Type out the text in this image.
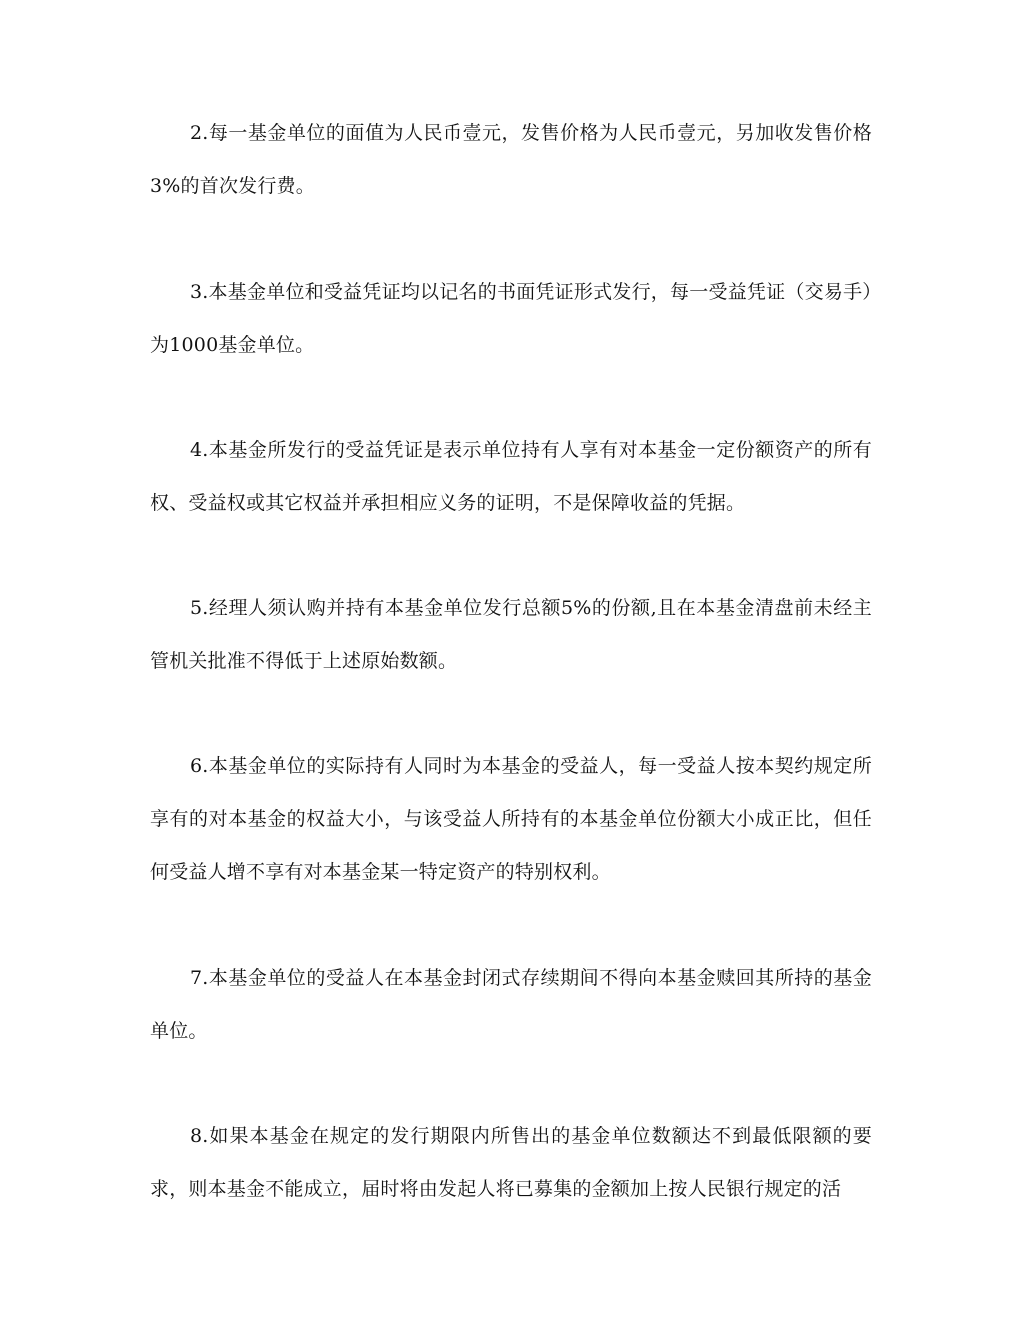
2.每一基金单位的面值为人民币壹元，发售价格为人民币壹元，另加收发售价格3%的首次发行费。

3.本基金单位和受益凭证均以记名的书面凭证形式发行，每一受益凭证（交易手）为1000基金单位。

4.本基金所发行的受益凭证是表示单位持有人享有对本基金一定份额资产的所有权、受益权或其它权益并承担相应义务的证明，不是保障收益的凭据。

5.经理人须认购并持有本基金单位发行总额5%的份额,且在本基金清盘前未经主管机关批准不得低于上述原始数额。

6.本基金单位的实际持有人同时为本基金的受益人，每一受益人按本契约规定所享有的对本基金的权益大小，与该受益人所持有的本基金单位份额大小成正比，但任何受益人增不享有对本基金某一特定资产的特别权利。

7.本基金单位的受益人在本基金封闭式存续期间不得向本基金赎回其所持的基金单位。

8.如果本基金在规定的发行期限内所售出的基金单位数额达不到最低限额的要求，则本基金不能成立，届时将由发起人将已募集的金额加上按人民银行规定的活
